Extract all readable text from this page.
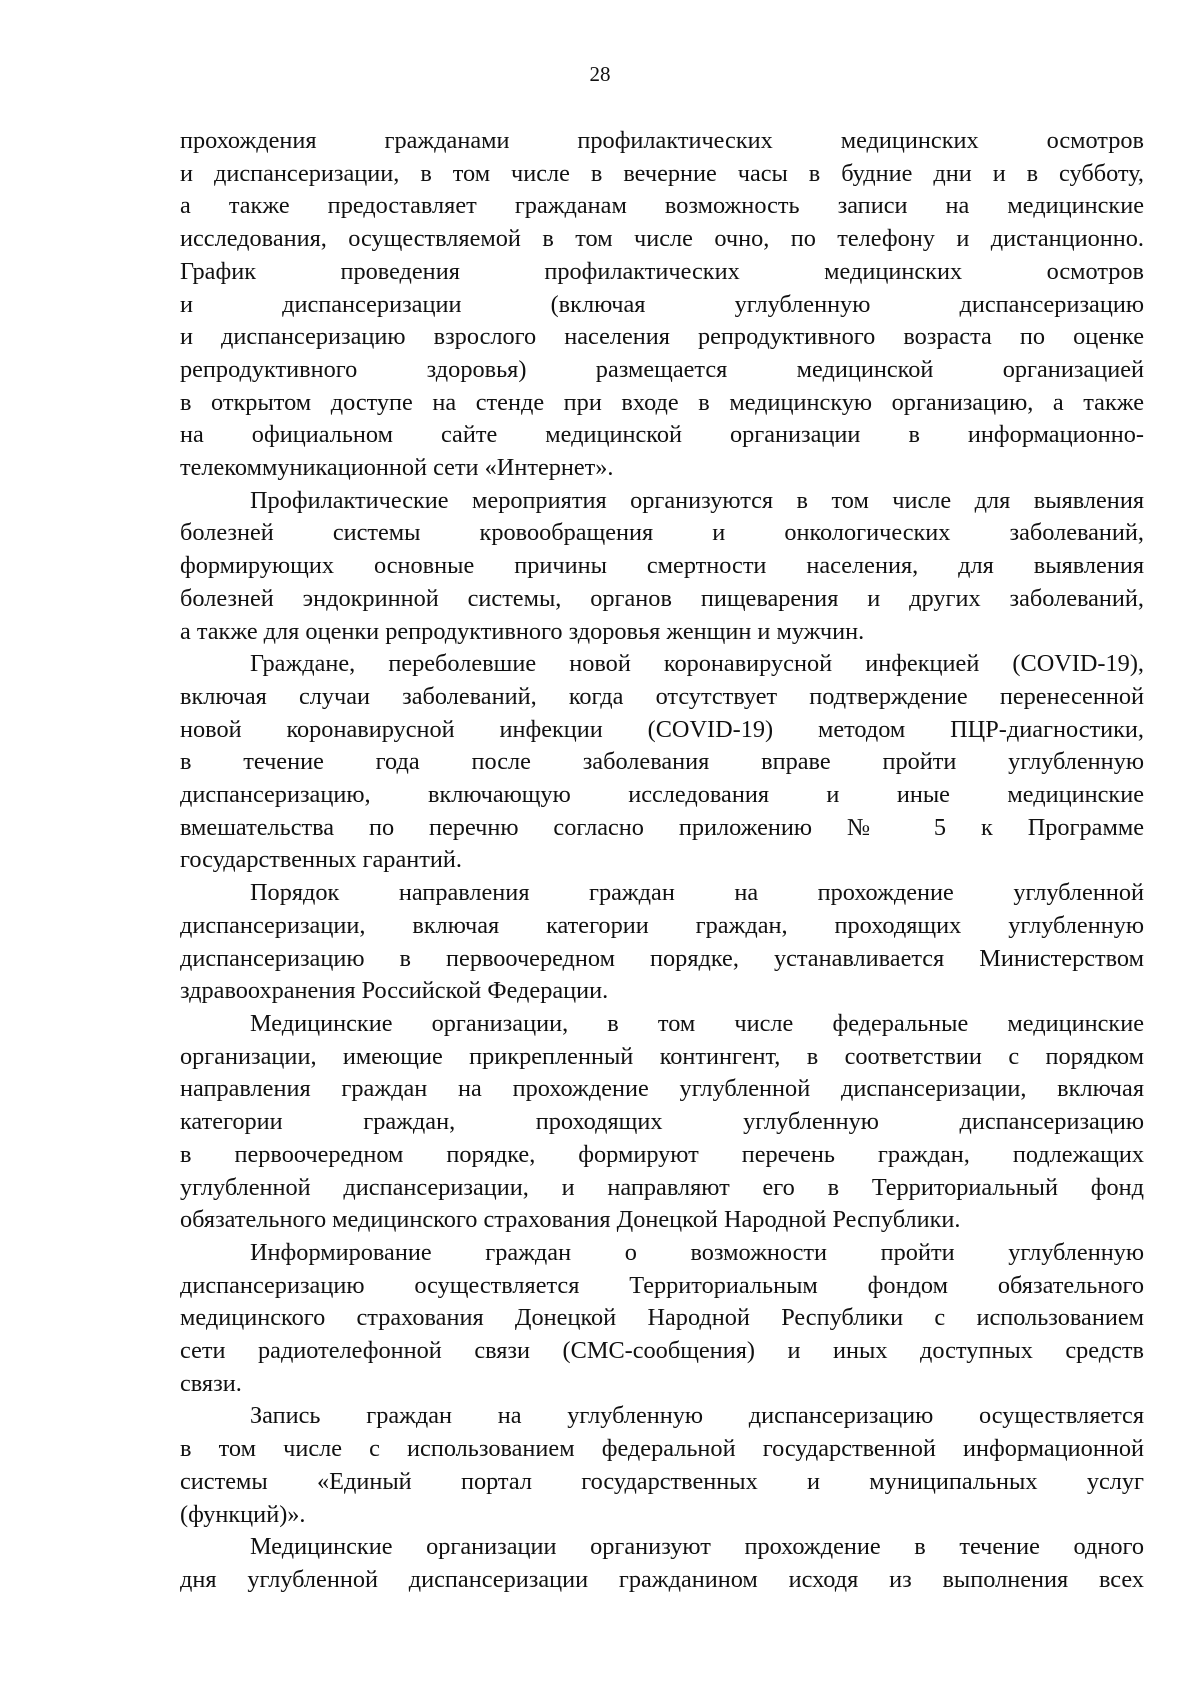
28
прохождения гражданами профилактических медицинских осмотров
и диспансеризации, в том числе в вечерние часы в будние дни и в субботу,
а также предоставляет гражданам возможность записи на медицинские
исследования, осуществляемой в том числе очно, по телефону и дистанционно.
График проведения профилактических медицинских осмотров
и диспансеризации (включая углубленную диспансеризацию
и диспансеризацию взрослого населения репродуктивного возраста по оценке
репродуктивного здоровья) размещается медицинской организацией
в открытом доступе на стенде при входе в медицинскую организацию, а также
на официальном сайте медицинской организации в информационно-
телекоммуникационной сети «Интернет».
Профилактические мероприятия организуются в том числе для выявления
болезней системы кровообращения и онкологических заболеваний,
формирующих основные причины смертности населения, для выявления
болезней эндокринной системы, органов пищеварения и других заболеваний,
а также для оценки репродуктивного здоровья женщин и мужчин.
Граждане, переболевшие новой коронавирусной инфекцией (COVID-19),
включая случаи заболеваний, когда отсутствует подтверждение перенесенной
новой коронавирусной инфекции (COVID-19) методом ПЦР-диагностики,
в течение года после заболевания вправе пройти углубленную
диспансеризацию, включающую исследования и иные медицинские
вмешательства по перечню согласно приложению № 5 к Программе
государственных гарантий.
Порядок направления граждан на прохождение углубленной
диспансеризации, включая категории граждан, проходящих углубленную
диспансеризацию в первоочередном порядке, устанавливается Министерством
здравоохранения Российской Федерации.
Медицинские организации, в том числе федеральные медицинские
организации, имеющие прикрепленный контингент, в соответствии с порядком
направления граждан на прохождение углубленной диспансеризации, включая
категории граждан, проходящих углубленную диспансеризацию
в первоочередном порядке, формируют перечень граждан, подлежащих
углубленной диспансеризации, и направляют его в Территориальный фонд
обязательного медицинского страхования Донецкой Народной Республики.
Информирование граждан о возможности пройти углубленную
диспансеризацию осуществляется Территориальным фондом обязательного
медицинского страхования Донецкой Народной Республики с использованием
сети радиотелефонной связи (СМС-сообщения) и иных доступных средств
связи.
Запись граждан на углубленную диспансеризацию осуществляется
в том числе с использованием федеральной государственной информационной
системы «Единый портал государственных и муниципальных услуг
(функций)».
Медицинские организации организуют прохождение в течение одного
дня углубленной диспансеризации гражданином исходя из выполнения всех
